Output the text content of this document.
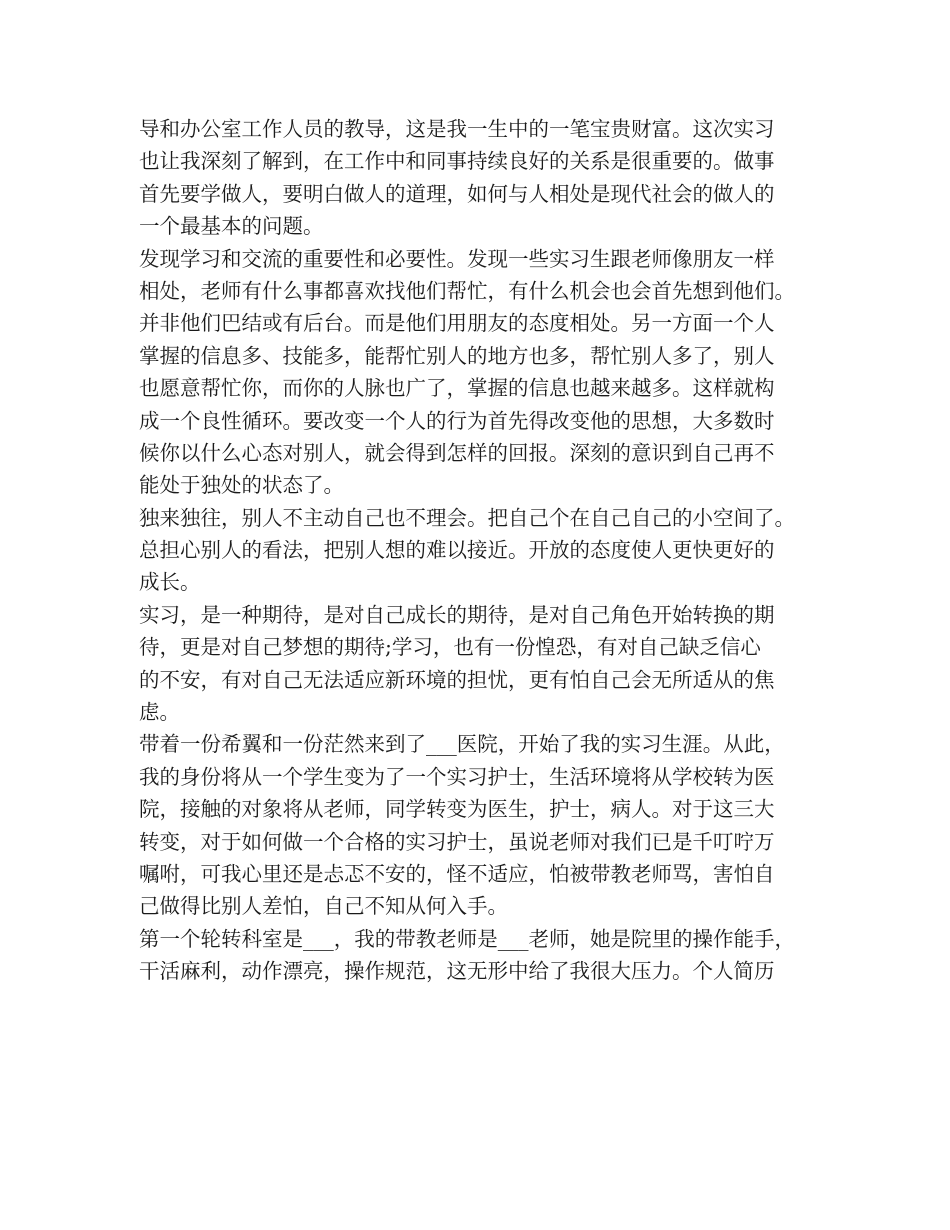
导和办公室工作人员的教导，这是我一生中的一笔宝贵财富。这次实习
也让我深刻了解到，在工作中和同事持续良好的关系是很重要的。做事
首先要学做人，要明白做人的道理，如何与人相处是现代社会的做人的
一个最基本的问题。
发现学习和交流的重要性和必要性。发现一些实习生跟老师像朋友一样
相处，老师有什么事都喜欢找他们帮忙，有什么机会也会首先想到他们。
并非他们巴结或有后台。而是他们用朋友的态度相处。另一方面一个人
掌握的信息多、技能多，能帮忙别人的地方也多，帮忙别人多了，别人
也愿意帮忙你，而你的人脉也广了，掌握的信息也越来越多。这样就构
成一个良性循环。要改变一个人的行为首先得改变他的思想，大多数时
候你以什么心态对别人，就会得到怎样的回报。深刻的意识到自己再不
能处于独处的状态了。
独来独往，别人不主动自己也不理会。把自己个在自己自己的小空间了。
总担心别人的看法，把别人想的难以接近。开放的态度使人更快更好的
成长。
实习，是一种期待，是对自己成长的期待，是对自己角色开始转换的期
待，更是对自己梦想的期待;学习，也有一份惶恐，有对自己缺乏信心
的不安，有对自己无法适应新环境的担忧，更有怕自己会无所适从的焦
虑。
带着一份希翼和一份茫然来到了___医院，开始了我的实习生涯。从此，
我的身份将从一个学生变为了一个实习护士，生活环境将从学校转为医
院，接触的对象将从老师，同学转变为医生，护士，病人。对于这三大
转变，对于如何做一个合格的实习护士，虽说老师对我们已是千叮咛万
嘱咐，可我心里还是忐忑不安的，怪不适应，怕被带教老师骂，害怕自
己做得比别人差怕，自己不知从何入手。
第一个轮转科室是___，我的带教老师是___老师，她是院里的操作能手，
干活麻利，动作漂亮，操作规范，这无形中给了我很大压力。个人简历
